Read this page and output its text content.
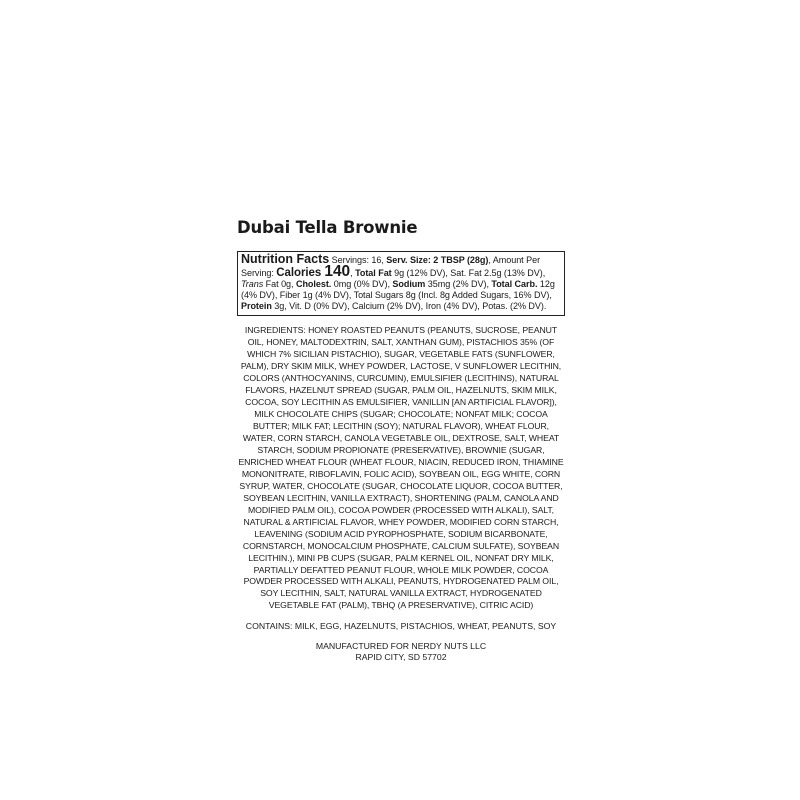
Dubai Tella Brownie
Nutrition Facts Servings: 16, Serv. Size: 2 TBSP (28g), Amount Per Serving: Calories 140, Total Fat 9g (12% DV), Sat. Fat 2.5g (13% DV), Trans Fat 0g, Cholest. 0mg (0% DV), Sodium 35mg (2% DV), Total Carb. 12g (4% DV), Fiber 1g (4% DV), Total Sugars 8g (Incl. 8g Added Sugars, 16% DV), Protein 3g, Vit. D (0% DV), Calcium (2% DV), Iron (4% DV), Potas. (2% DV).
INGREDIENTS: HONEY ROASTED PEANUTS (PEANUTS, SUCROSE, PEANUT OIL, HONEY, MALTODEXTRIN, SALT, XANTHAN GUM), PISTACHIOS 35% (OF WHICH 7% SICILIAN PISTACHIO), SUGAR, VEGETABLE FATS (SUNFLOWER, PALM), DRY SKIM MILK, WHEY POWDER, LACTOSE, V SUNFLOWER LECITHIN, COLORS (ANTHOCYANINS, CURCUMIN), EMULSIFIER (LECITHINS), NATURAL FLAVORS, HAZELNUT SPREAD (SUGAR, PALM OIL, HAZELNUTS, SKIM MILK, COCOA, SOY LECITHIN AS EMULSIFIER, VANILLIN [AN ARTIFICIAL FLAVOR]), MILK CHOCOLATE CHIPS (SUGAR; CHOCOLATE; NONFAT MILK; COCOA BUTTER; MILK FAT; LECITHIN (SOY); NATURAL FLAVOR), WHEAT FLOUR, WATER, CORN STARCH, CANOLA VEGETABLE OIL, DEXTROSE, SALT, WHEAT STARCH, SODIUM PROPIONATE (PRESERVATIVE), BROWNIE (SUGAR, ENRICHED WHEAT FLOUR (WHEAT FLOUR, NIACIN, REDUCED IRON, THIAMINE MONONITRATE, RIBOFLAVIN, FOLIC ACID), SOYBEAN OIL, EGG WHITE, CORN SYRUP, WATER, CHOCOLATE (SUGAR, CHOCOLATE LIQUOR, COCOA BUTTER, SOYBEAN LECITHIN, VANILLA EXTRACT), SHORTENING (PALM, CANOLA AND MODIFIED PALM OIL), COCOA POWDER (PROCESSED WITH ALKALI), SALT, NATURAL & ARTIFICIAL FLAVOR, WHEY POWDER, MODIFIED CORN STARCH, LEAVENING (SODIUM ACID PYROPHOSPHATE, SODIUM BICARBONATE, CORNSTARCH, MONOCALCIUM PHOSPHATE, CALCIUM SULFATE), SOYBEAN LECITHIN.), MINI PB CUPS (SUGAR, PALM KERNEL OIL, NONFAT DRY MILK, PARTIALLY DEFATTED PEANUT FLOUR, WHOLE MILK POWDER, COCOA POWDER PROCESSED WITH ALKALI, PEANUTS, HYDROGENATED PALM OIL, SOY LECITHIN, SALT, NATURAL VANILLA EXTRACT, HYDROGENATED VEGETABLE FAT (PALM), TBHQ (A PRESERVATIVE), CITRIC ACID)
CONTAINS: MILK, EGG, HAZELNUTS, PISTACHIOS, WHEAT, PEANUTS, SOY
MANUFACTURED FOR NERDY NUTS LLC
RAPID CITY, SD 57702
